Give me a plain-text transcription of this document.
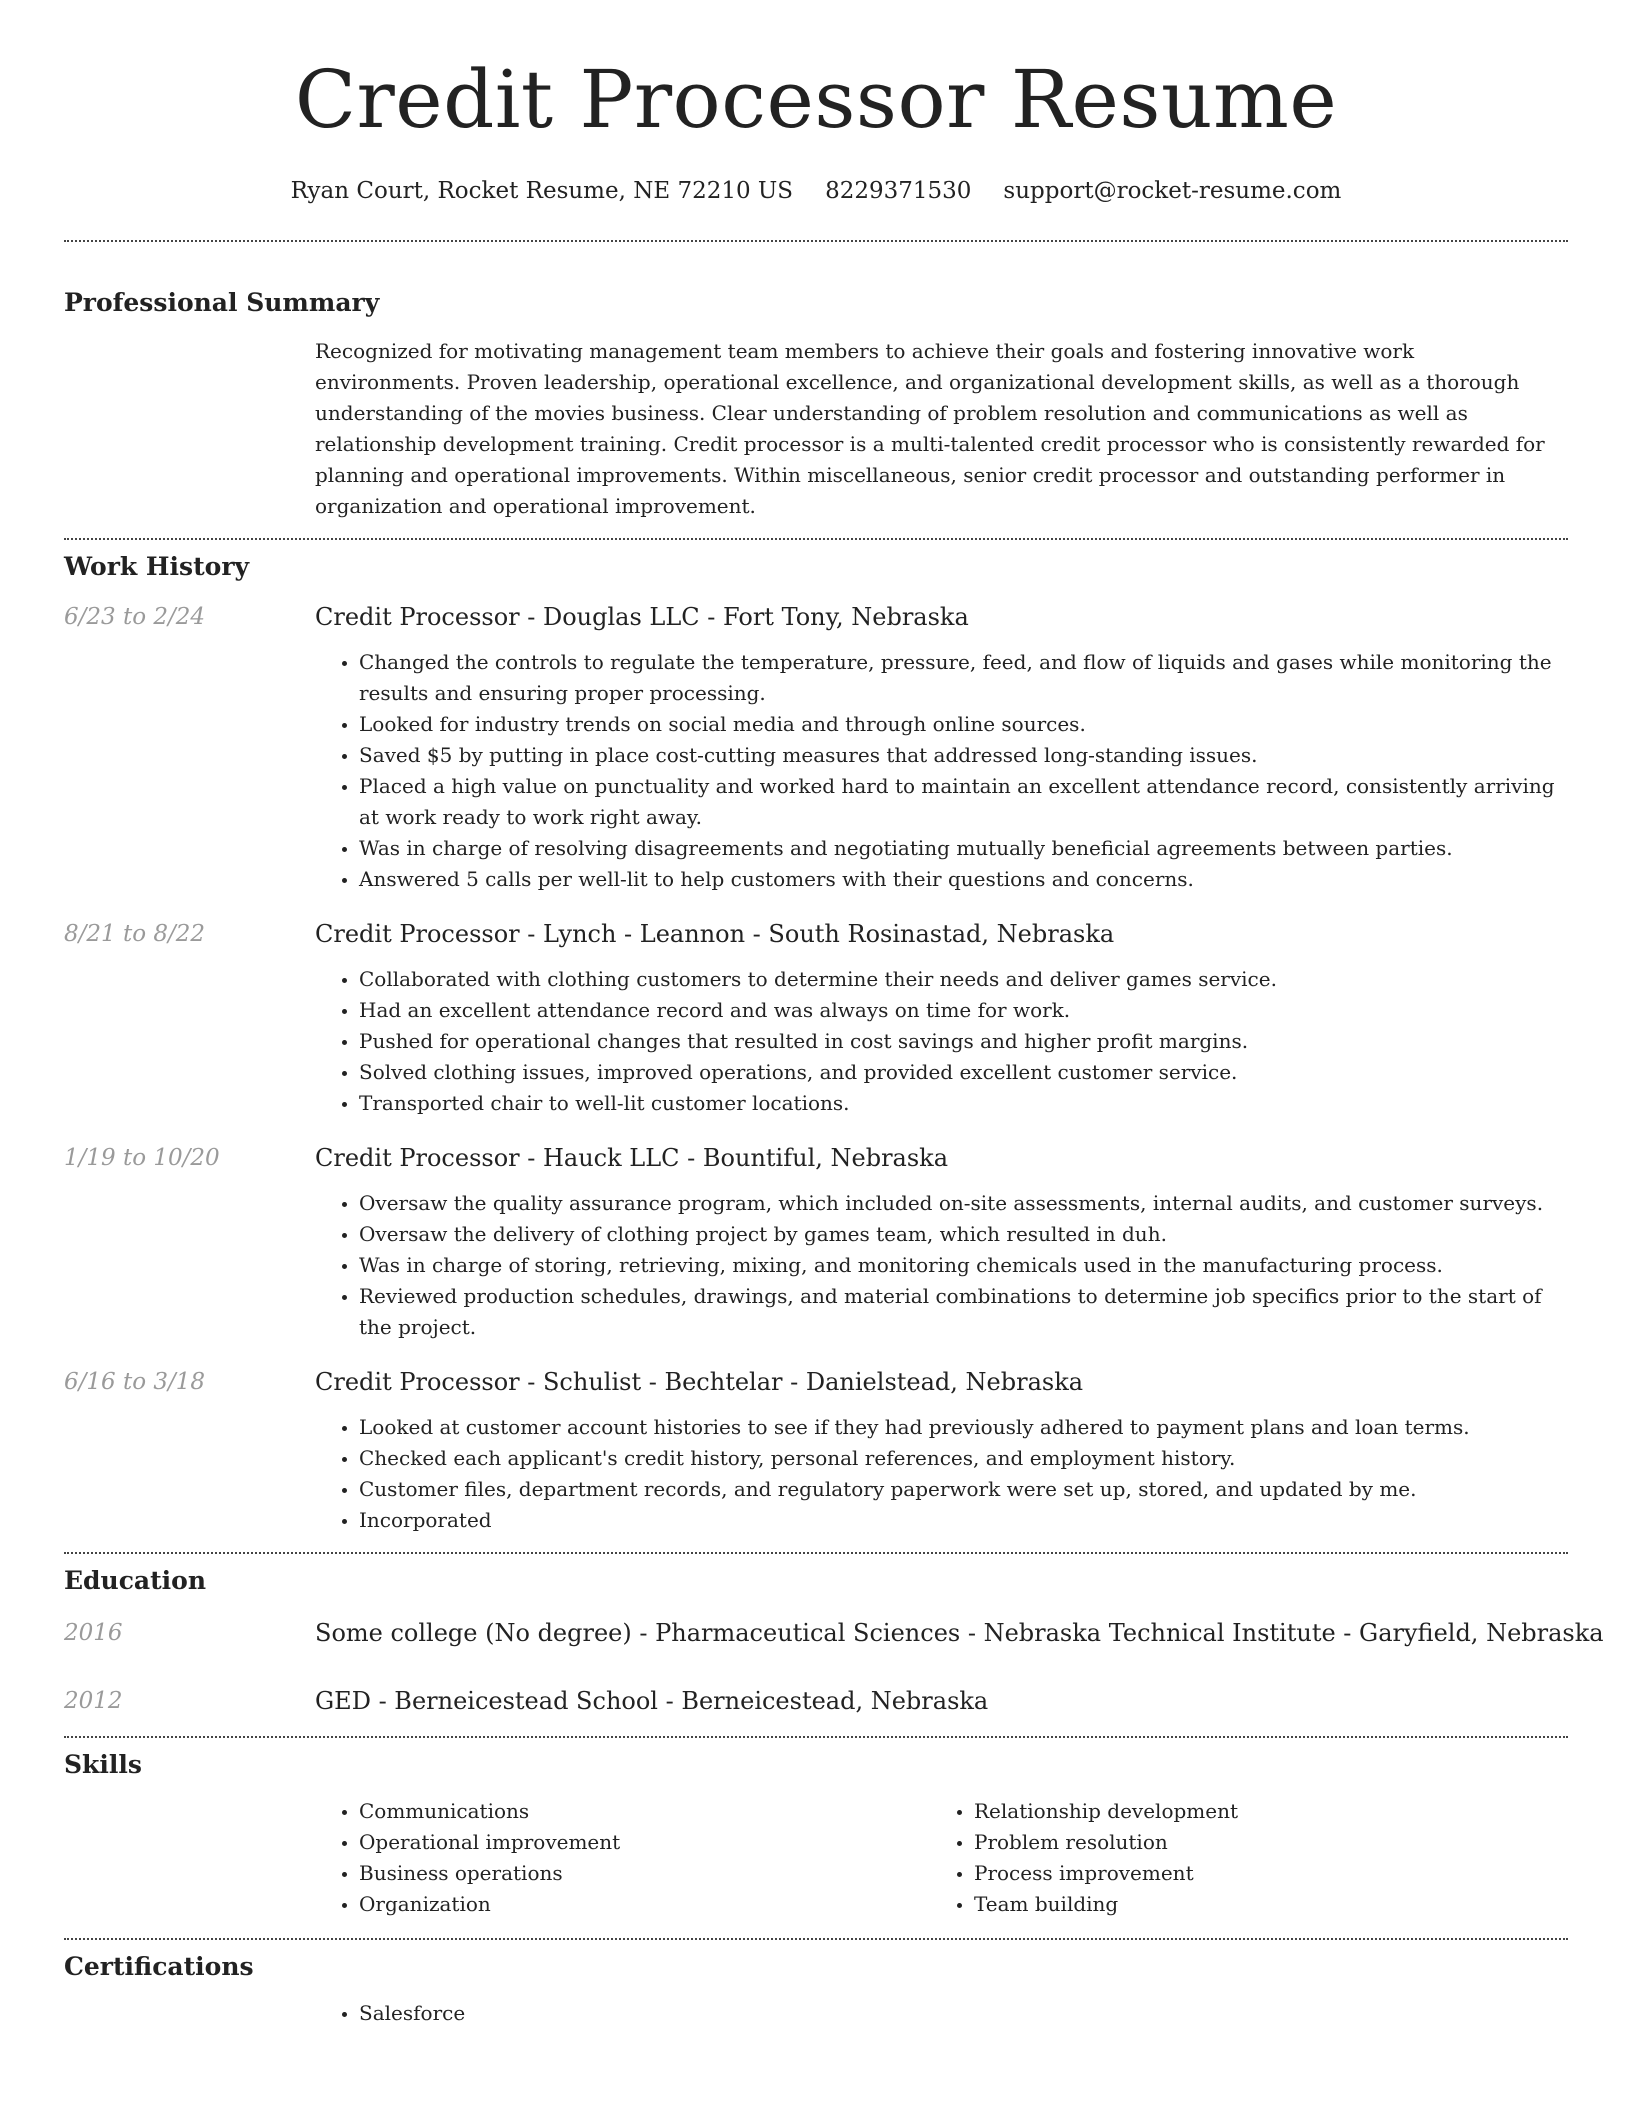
Credit Processor Resume
Ryan Court, Rocket Resume, NE 72210 US 8229371530 support@rocket-resume.com
Professional Summary

Recognized for motivating management team members to achieve their goals and fostering innovative work environments. Proven leadership, operational excellence, and organizational development skills, as well as a thorough understanding of the movies business. Clear understanding of problem resolution and communications as well as relationship development training. Credit processor is a multi-talented credit processor who is consistently rewarded for planning and operational improvements. Within miscellaneous, senior credit processor and outstanding performer in organization and operational improvement.

Work History
6/23 to 2/24	Credit Processor - Douglas LLC - Fort Tony, Nebraska
• Changed the controls to regulate the temperature, pressure, feed, and flow of liquids and gases while monitoring the results and ensuring proper processing.
• Looked for industry trends on social media and through online sources.
• Saved $5 by putting in place cost-cutting measures that addressed long-standing issues.
• Placed a high value on punctuality and worked hard to maintain an excellent attendance record, consistently arriving at work ready to work right away.
• Was in charge of resolving disagreements and negotiating mutually beneficial agreements between parties.
• Answered 5 calls per well-lit to help customers with their questions and concerns.
8/21 to 8/22	Credit Processor - Lynch - Leannon - South Rosinastad, Nebraska
• Collaborated with clothing customers to determine their needs and deliver games service.
• Had an excellent attendance record and was always on time for work.
• Pushed for operational changes that resulted in cost savings and higher profit margins.
• Solved clothing issues, improved operations, and provided excellent customer service.
• Transported chair to well-lit customer locations.
1/19 to 10/20	Credit Processor - Hauck LLC - Bountiful, Nebraska
• Oversaw the quality assurance program, which included on-site assessments, internal audits, and customer surveys.
• Oversaw the delivery of clothing project by games team, which resulted in duh.
• Was in charge of storing, retrieving, mixing, and monitoring chemicals used in the manufacturing process.
• Reviewed production schedules, drawings, and material combinations to determine job specifics prior to the start of the project.
6/16 to 3/18	Credit Processor - Schulist - Bechtelar - Danielstead, Nebraska
• Looked at customer account histories to see if they had previously adhered to payment plans and loan terms.
• Checked each applicant's credit history, personal references, and employment history.
• Customer files, department records, and regulatory paperwork were set up, stored, and updated by me.
• Incorporated
Education
2016	Some college (No degree) - Pharmaceutical Sciences - Nebraska Technical Institute - Garyfield, Nebraska
2012	GED - Berneicestead School - Berneicestead, Nebraska
Skills
• Communications
• Operational improvement
• Business operations
• Organization
• Relationship development
• Problem resolution
• Process improvement
• Team building
Certifications
• Salesforce
